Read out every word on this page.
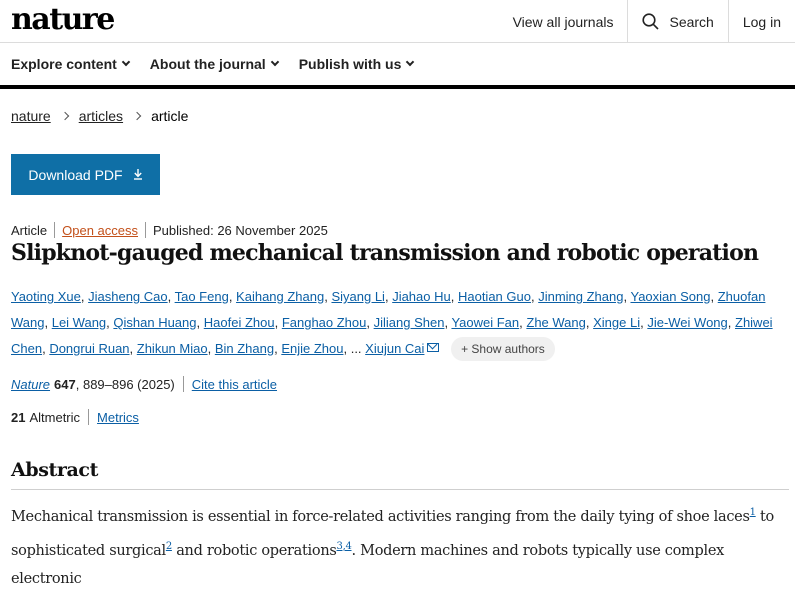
nature	View all journals	Search	Log in
Explore content About the journal Publish with us
nature articles article
Download PDF
Article Open access Published: 26 November 2025
Slipknot-gauged mechanical transmission and robotic operation
Yaoting Xue, Jiasheng Cao, Tao Feng, Kaihang Zhang, Siyang Li, Jiahao Hu, Haotian Guo, Jinming Zhang, Yaoxian Song, Zhuofan Wang, Lei Wang, Qishan Huang, Haofei Zhou, Fanghao Zhou, Jiliang Shen, Yaowei Fan, Zhe Wang, Xinge Li, Jie-Wei Wong, Zhiwei Chen, Dongrui Ruan, Zhikun Miao, Bin Zhang, Enjie Zhou, ... Xiujun Cai	+ Show authors
Nature 647 , 889–896 (2025) Cite this article
21 Altmetric Metrics
Abstract
Mechanical transmission is essential in force-related activities ranging from the daily tying of shoe laces$^1$ to
sophisticated surgical$^2$ and robotic operations$^{3,4}$. Modern machines and robots typically use complex electronic
